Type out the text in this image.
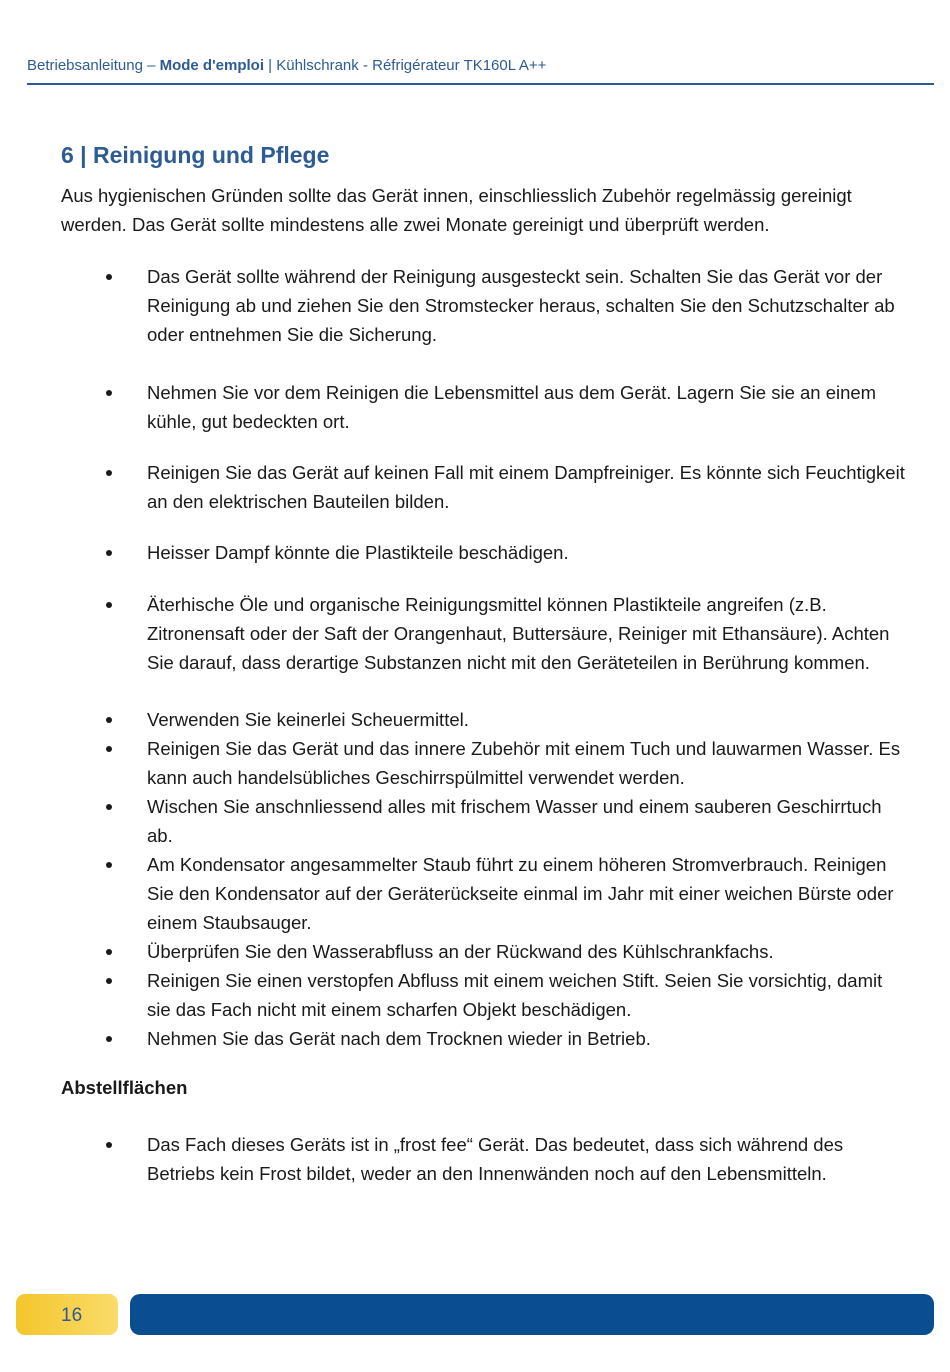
Betriebsanleitung – Mode d'emploi | Kühlschrank - Réfrigérateur TK160L A++
6 | Reinigung und Pflege

Aus hygienischen Gründen sollte das Gerät innen, einschliesslich Zubehör regelmässig gereinigt werden. Das Gerät sollte mindestens alle zwei Monate gereinigt und überprüft werden.

Das Gerät sollte während der Reinigung ausgesteckt sein. Schalten Sie das Gerät vor der Reinigung ab und ziehen Sie den Stromstecker heraus, schalten Sie den Schutzschalter ab oder entnehmen Sie die Sicherung.
Nehmen Sie vor dem Reinigen die Lebensmittel aus dem Gerät. Lagern Sie sie an einem kühle, gut bedeckten ort.
Reinigen Sie das Gerät auf keinen Fall mit einem Dampfreiniger. Es könnte sich Feuchtigkeit an den elektrischen Bauteilen bilden.
Heisser Dampf könnte die Plastikteile beschädigen.
Äterhische Öle und organische Reinigungsmittel können Plastikteile angreifen (z.B. Zitronensaft oder der Saft der Orangenhaut, Buttersäure, Reiniger mit Ethansäure). Achten Sie darauf, dass derartige Substanzen nicht mit den Geräteteilen in Berührung kommen.
Verwenden Sie keinerlei Scheuermittel.
Reinigen Sie das Gerät und das innere Zubehör mit einem Tuch und lauwarmen Wasser. Es kann auch handelsübliches Geschirrspülmittel verwendet werden.
Wischen Sie anschnliessend alles mit frischem Wasser und einem sauberen Geschirrtuch ab.
Am Kondensator angesammelter Staub führt zu einem höheren Stromverbrauch. Reinigen Sie den Kondensator auf der Geräterückseite einmal im Jahr mit einer weichen Bürste oder einem Staubsauger.
Überprüfen Sie den Wasserabfluss an der Rückwand des Kühlschrankfachs.
Reinigen Sie einen verstopfen Abfluss mit einem weichen Stift. Seien Sie vorsichtig, damit sie das Fach nicht mit einem scharfen Objekt beschädigen.
Nehmen Sie das Gerät nach dem Trocknen wieder in Betrieb.
Abstellflächen
Das Fach dieses Geräts ist in „frost fee“ Gerät. Das bedeutet, dass sich während des Betriebs kein Frost bildet, weder an den Innenwänden noch auf den Lebensmitteln.
16
